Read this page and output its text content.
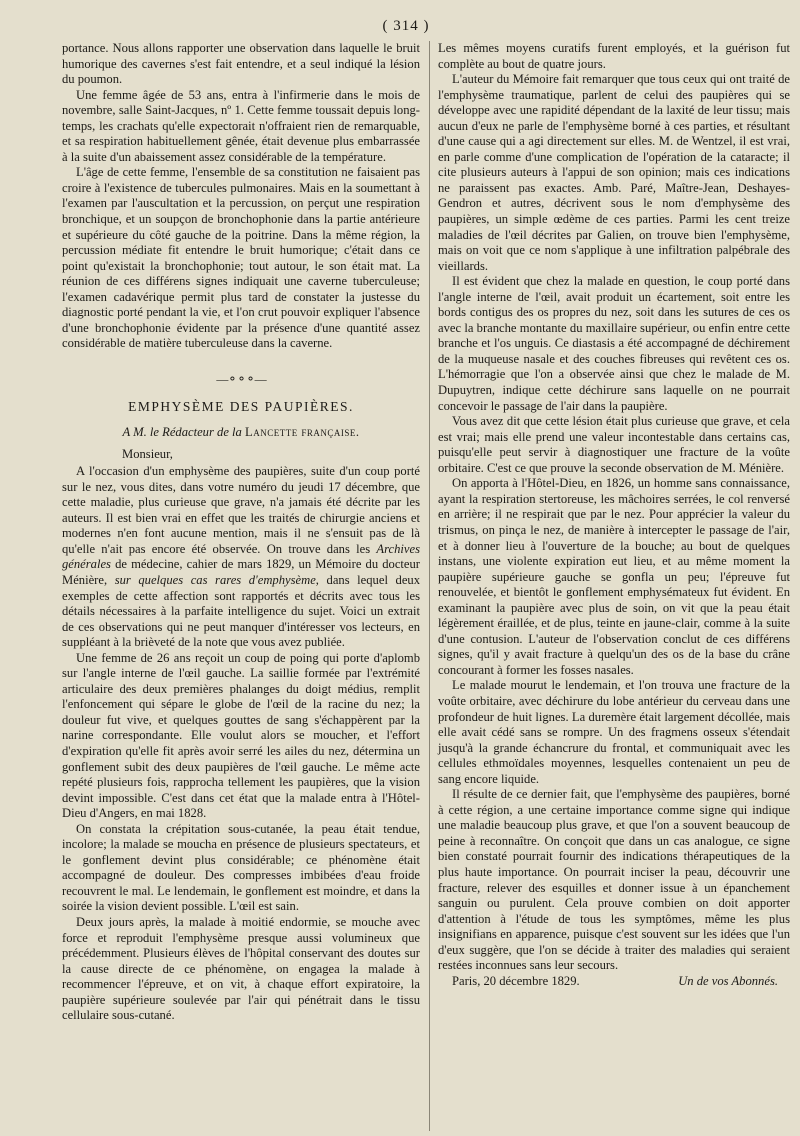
( 314 )

portance. Nous allons rapporter une observation dans laquelle le bruit humorique des cavernes s'est fait entendre, et a seul indiqué la lésion du poumon.

Une femme âgée de 53 ans, entra à l'infirmerie dans le mois de novembre, salle Saint-Jacques, nº 1. Cette femme toussait depuis long-temps, les crachats qu'elle expectorait n'offraient rien de remarquable, et sa respiration habituellement gênée, était devenue plus embarrassée à la suite d'un abaissement assez considérable de la température.

L'âge de cette femme, l'ensemble de sa constitution ne faisaient pas croire à l'existence de tubercules pulmonaires. Mais en la soumettant à l'examen par l'auscultation et la percussion, on perçut une respiration bronchique, et un soupçon de bronchophonie dans la partie antérieure et supérieure du côté gauche de la poitrine. Dans la même région, la percussion médiate fit entendre le bruit humorique; c'était dans ce point qu'existait la bronchophonie; tout autour, le son était mat. La réunion de ces différens signes indiquait une caverne tuberculeuse; l'examen cadavérique permit plus tard de constater la justesse du diagnostic porté pendant la vie, et l'on crut pouvoir expliquer l'absence d'une bronchophonie évidente par la présence d'une quantité assez considérable de matière tuberculeuse dans la caverne.

—⚬⚬⚬—
EMPHYSÈME DES PAUPIÈRES.
A M. le Rédacteur de la Lancette française.

Monsieur,

A l'occasion d'un emphysème des paupières, suite d'un coup porté sur le nez, vous dites, dans votre numéro du jeudi 17 décembre, que cette maladie, plus curieuse que grave, n'a jamais été décrite par les auteurs. Il est bien vrai en effet que les traités de chirurgie anciens et modernes n'en font aucune mention, mais il ne s'ensuit pas de là qu'elle n'ait pas encore été observée. On trouve dans les Archives générales de médecine, cahier de mars 1829, un Mémoire du docteur Ménière, sur quelques cas rares d'emphysème, dans lequel deux exemples de cette affection sont rapportés et décrits avec tous les détails nécessaires à la parfaite intelligence du sujet. Voici un extrait de ces observations qui ne peut manquer d'intéresser vos lecteurs, en suppléant à la brièveté de la note que vous avez publiée.

Une femme de 26 ans reçoit un coup de poing qui porte d'aplomb sur l'angle interne de l'œil gauche. La saillie formée par l'extrémité articulaire des deux premières phalanges du doigt médius, remplit l'enfoncement qui sépare le globe de l'œil de la racine du nez; la douleur fut vive, et quelques gouttes de sang s'échappèrent par la narine correspondante. Elle voulut alors se moucher, et l'effort d'expiration qu'elle fit après avoir serré les ailes du nez, détermina un gonflement subit des deux paupières de l'œil gauche. Le même acte repété plusieurs fois, rapprocha tellement les paupières, que la vision devint impossible. C'est dans cet état que la malade entra à l'Hôtel-Dieu d'Angers, en mai 1828.

On constata la crépitation sous-cutanée, la peau était tendue, incolore; la malade se moucha en présence de plusieurs spectateurs, et le gonflement devint plus considérable; ce phénomène était accompagné de douleur. Des compresses imbibées d'eau froide recouvrent le mal. Le lendemain, le gonflement est moindre, et dans la soirée la vision devient possible. L'œil est sain.

Deux jours après, la malade à moitié endormie, se mouche avec force et reproduit l'emphysème presque aussi volumineux que précédemment. Plusieurs élèves de l'hôpital conservant des doutes sur la cause directe de ce phénomène, on engagea la malade à recommencer l'épreuve, et on vit, à chaque effort expiratoire, la paupière supérieure soulevée par l'air qui pénétrait dans le tissu cellulaire sous-cutané.

Les mêmes moyens curatifs furent employés, et la guérison fut complète au bout de quatre jours.

L'auteur du Mémoire fait remarquer que tous ceux qui ont traité de l'emphysème traumatique, parlent de celui des paupières qui se développe avec une rapidité dépendant de la laxité de leur tissu; mais aucun d'eux ne parle de l'emphysème borné à ces parties, et résultant d'une cause qui a agi directement sur elles. M. de Wentzel, il est vrai, en parle comme d'une complication de l'opération de la cataracte; il cite plusieurs auteurs à l'appui de son opinion; mais ces indications ne paraissent pas exactes. Amb. Paré, Maître-Jean, Deshayes-Gendron et autres, décrivent sous le nom d'emphysème des paupières, un simple œdème de ces parties. Parmi les cent treize maladies de l'œil décrites par Galien, on trouve bien l'emphysème, mais on voit que ce nom s'applique à une infiltration palpébrale des vieillards.

Il est évident que chez la malade en question, le coup porté dans l'angle interne de l'œil, avait produit un écartement, soit entre les bords contigus des os propres du nez, soit dans les sutures de ces os avec la branche montante du maxillaire supérieur, ou enfin entre cette branche et l'os unguis. Ce diastasis a été accompagné de déchirement de la muqueuse nasale et des couches fibreuses qui revêtent ces os. L'hémorragie que l'on a observée ainsi que chez le malade de M. Dupuytren, indique cette déchirure sans laquelle on ne pourrait concevoir le passage de l'air dans la paupière.

Vous avez dit que cette lésion était plus curieuse que grave, et cela est vrai; mais elle prend une valeur incontestable dans certains cas, puisqu'elle peut servir à diagnostiquer une fracture de la voûte orbitaire. C'est ce que prouve la seconde observation de M. Ménière.

On apporta à l'Hôtel-Dieu, en 1826, un homme sans connaissance, ayant la respiration stertoreuse, les mâchoires serrées, le col renversé en arrière; il ne respirait que par le nez. Pour apprécier la valeur du trismus, on pinça le nez, de manière à intercepter le passage de l'air, et à donner lieu à l'ouverture de la bouche; au bout de quelques instans, une violente expiration eut lieu, et au même moment la paupière supérieure gauche se gonfla un peu; l'épreuve fut renouvelée, et bientôt le gonflement emphysémateux fut évident. En examinant la paupière avec plus de soin, on vit que la peau était légèrement éraillée, et de plus, teinte en jaune-clair, comme à la suite d'une contusion. L'auteur de l'observation conclut de ces différens signes, qu'il y avait fracture à quelqu'un des os de la base du crâne concourant à former les fosses nasales.

Le malade mourut le lendemain, et l'on trouva une fracture de la voûte orbitaire, avec déchirure du lobe antérieur du cerveau dans une profondeur de huit lignes. La duremère était largement décollée, mais elle avait cédé sans se rompre. Un des fragmens osseux s'étendait jusqu'à la grande échancrure du frontal, et communiquait avec les cellules ethmoïdales moyennes, lesquelles contenaient un peu de sang encore liquide.

Il résulte de ce dernier fait, que l'emphysème des paupières, borné à cette région, a une certaine importance comme signe qui indique une maladie beaucoup plus grave, et que l'on a souvent beaucoup de peine à reconnaître. On conçoit que dans un cas analogue, ce signe bien constaté pourrait fournir des indications thérapeutiques de la plus haute importance. On pourrait inciser la peau, découvrir une fracture, relever des esquilles et donner issue à un épanchement sanguin ou purulent. Cela prouve combien on doit apporter d'attention à l'étude de tous les symptômes, même les plus insignifians en apparence, puisque c'est souvent sur les idées que l'un d'eux suggère, que l'on se décide à traiter des maladies qui seraient restées inconnues sans leur secours.

Paris, 20 décembre 1829.	Un de vos Abonnés.
